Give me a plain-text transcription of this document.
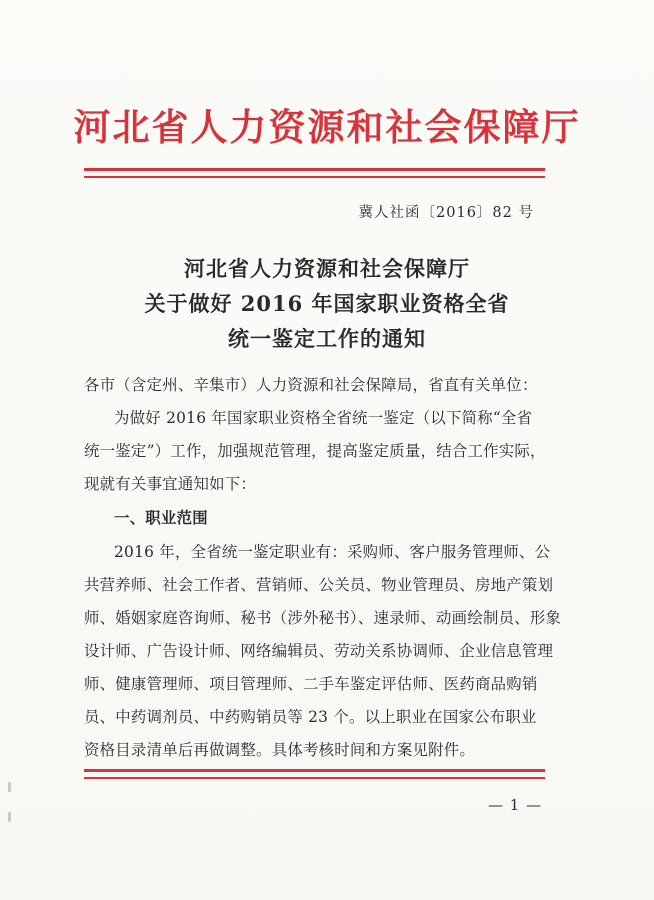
河北省人力资源和社会保障厅
冀人社函〔2016〕82 号
河北省人力资源和社会保障厅
关于做好 2016 年国家职业资格全省
统一鉴定工作的通知
各市（含定州、辛集市）人力资源和社会保障局，省直有关单位：
为做好 2016 年国家职业资格全省统一鉴定（以下简称“全省
统一鉴定”）工作，加强规范管理，提高鉴定质量，结合工作实际，
现就有关事宜通知如下：
一、职业范围
2016 年，全省统一鉴定职业有：采购师、客户服务管理师、公
共营养师、社会工作者、营销师、公关员、物业管理员、房地产策划
师、婚姻家庭咨询师、秘书（涉外秘书）、速录师、动画绘制员、形象
设计师、广告设计师、网络编辑员、劳动关系协调师、企业信息管理
师、健康管理师、项目管理师、二手车鉴定评估师、医药商品购销
员、中药调剂员、中药购销员等 23 个。以上职业在国家公布职业
资格目录清单后再做调整。具体考核时间和方案见附件。
— 1 —
